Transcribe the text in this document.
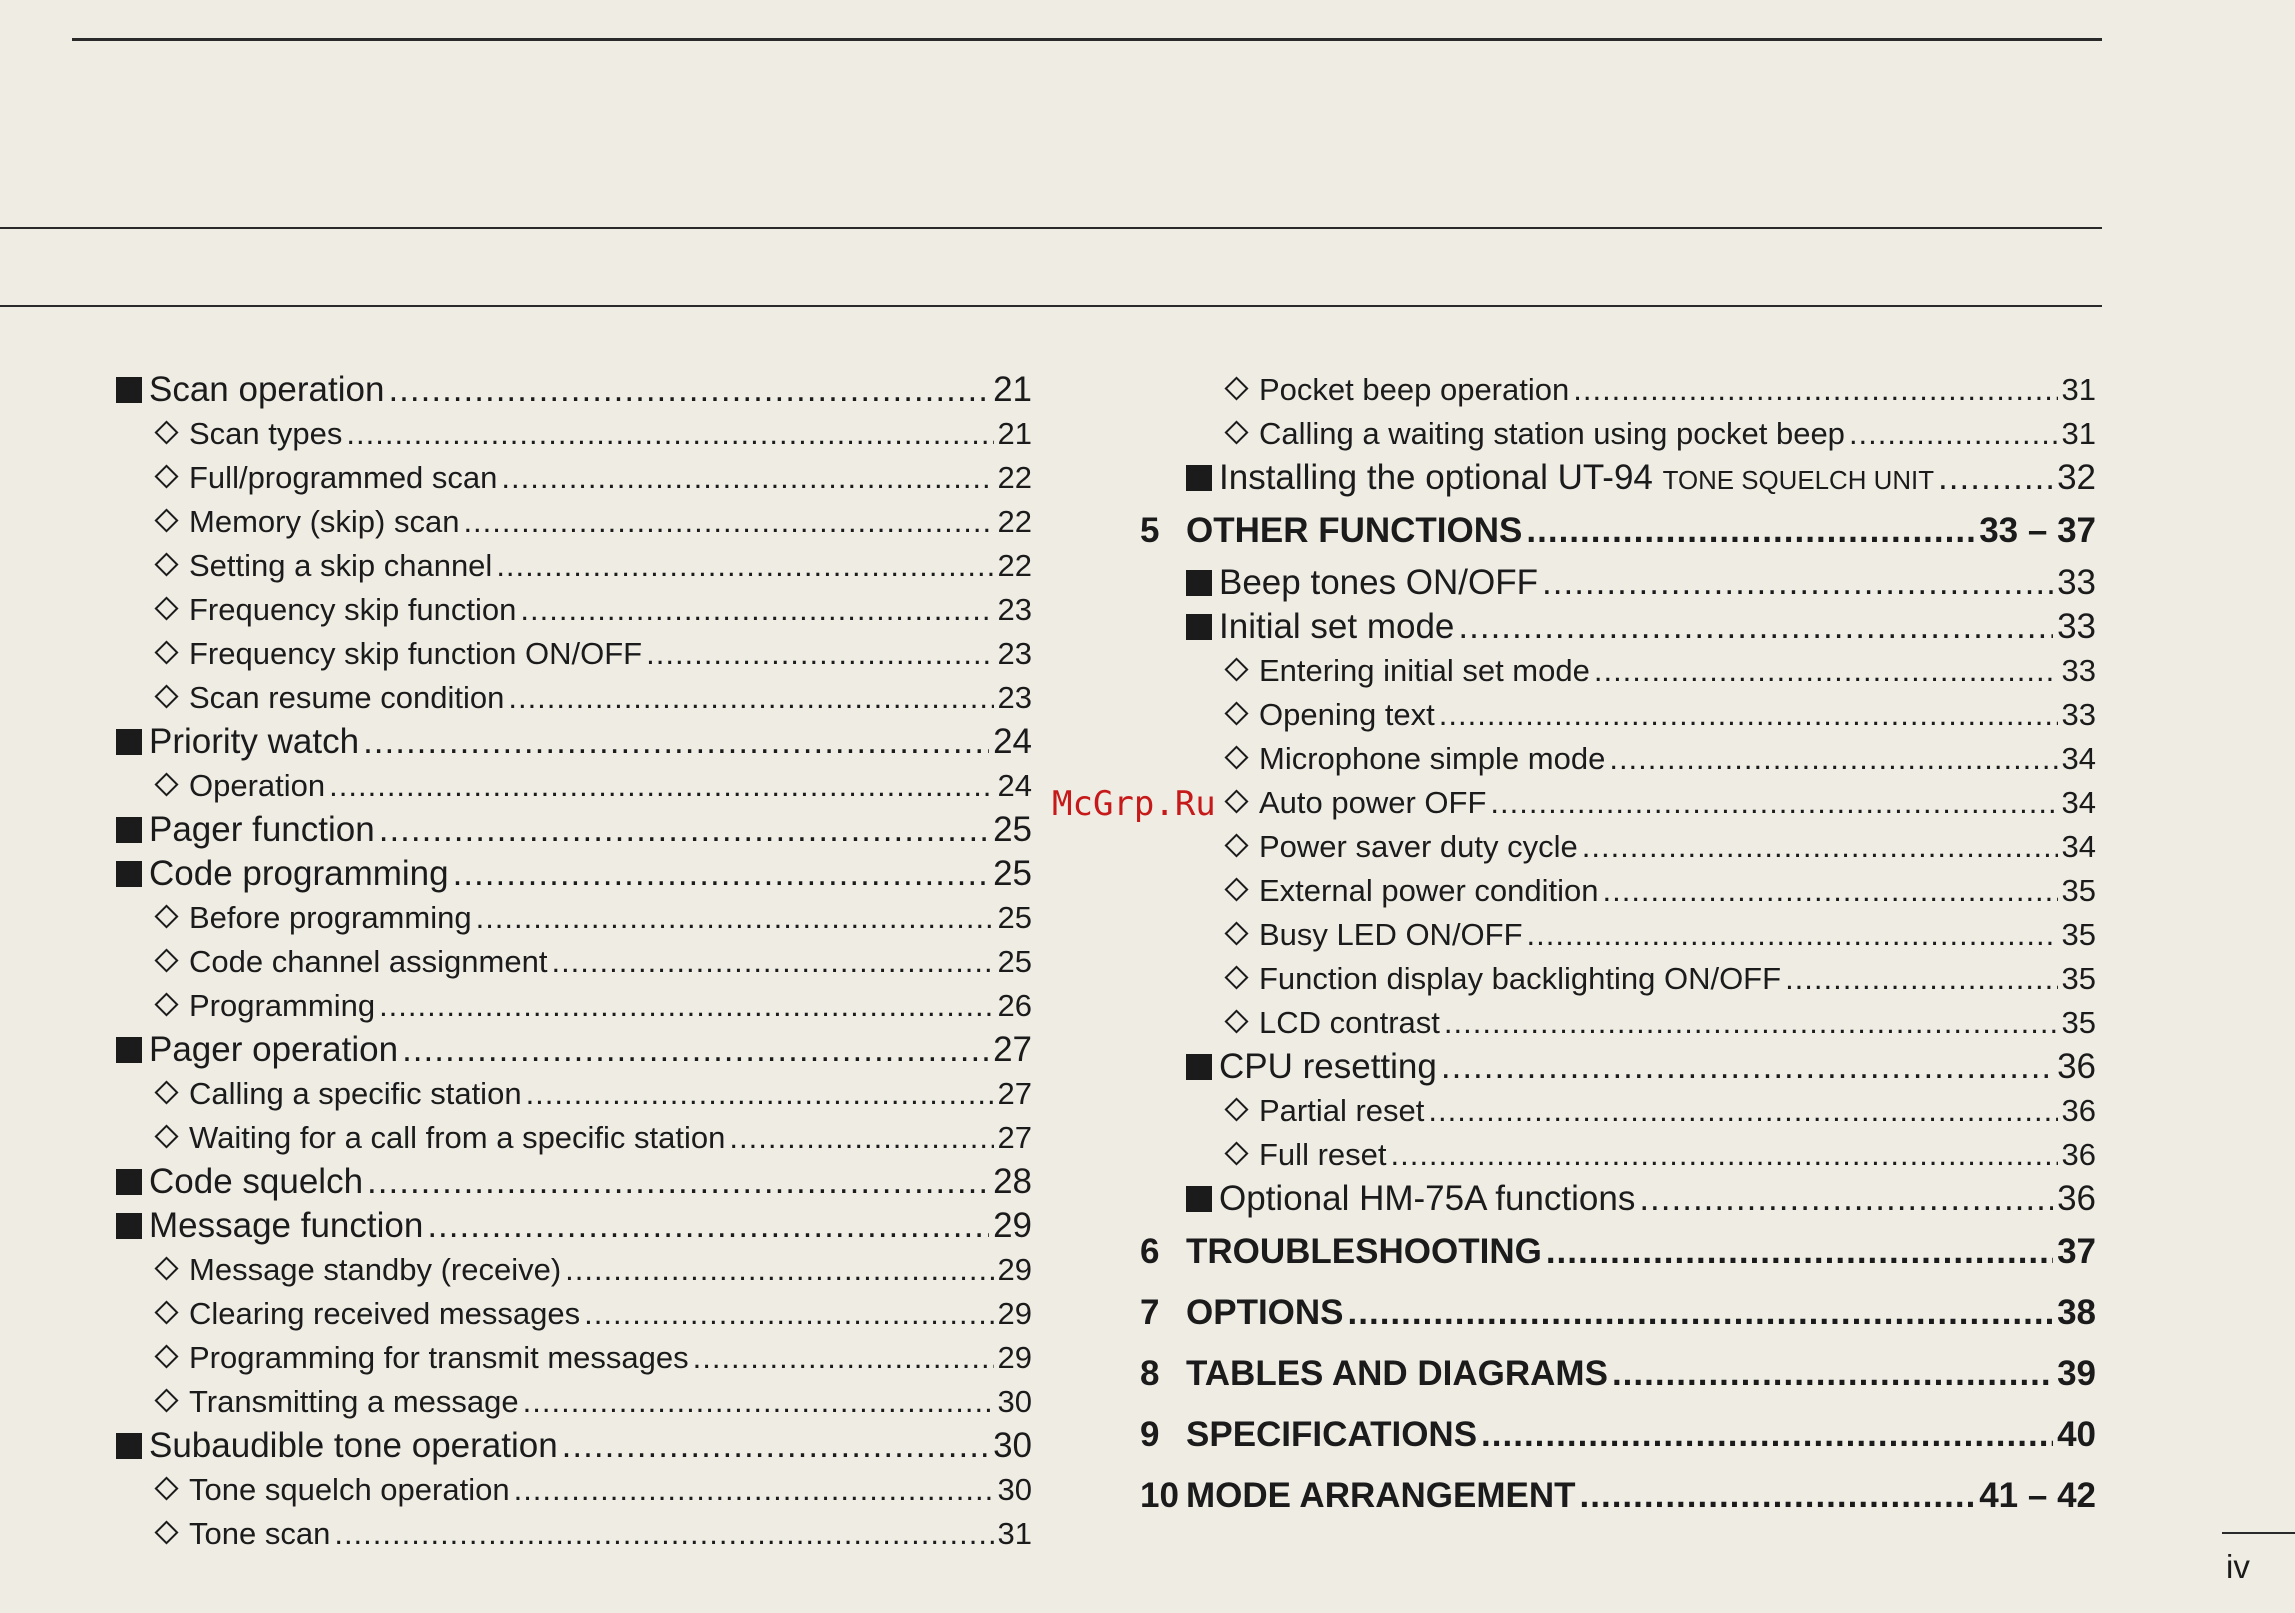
Scan operation .....	21
Scan types .....	21
Full/programmed scan .....	22
Memory (skip) scan .....	22
Setting a skip channel .....	22
Frequency skip function .....	23
Frequency skip function ON/OFF .....	23
Scan resume condition .....	23
Priority watch .....	24
Operation .....	24
Pager function .....	25
Code programming .....	25
Before programming .....	25
Code channel assignment .....	25
Programming .....	26
Pager operation .....	27
Calling a specific station .....	27
Waiting for a call from a specific station .....	27
Code squelch .....	28
Message function .....	29
Message standby (receive) .....	29
Clearing received messages .....	29
Programming for transmit messages .....	29
Transmitting a message .....	30
Subaudible tone operation .....	30
Tone squelch operation .....	30
Tone scan .....	31
Pocket beep operation .....	31
Calling a waiting station using pocket beep .....	31
Installing the optional UT-94 TONE SQUELCH UNIT .....	32
5 OTHER FUNCTIONS .....	33 – 37
Beep tones ON/OFF .....	33
Initial set mode .....	33
Entering initial set mode .....	33
Opening text .....	33
Microphone simple mode .....	34
Auto power OFF .....	34
Power saver duty cycle .....	34
External power condition .....	35
Busy LED ON/OFF .....	35
Function display backlighting ON/OFF .....	35
LCD contrast .....	35
CPU resetting .....	36
Partial reset .....	36
Full reset .....	36
Optional HM-75A functions .....	36
6 TROUBLESHOOTING .....	37
7 OPTIONS .....	38
8 TABLES AND DIAGRAMS .....	39
9 SPECIFICATIONS .....	40
10 MODE ARRANGEMENT .....	41 – 42
McGrp.Ru
iv
